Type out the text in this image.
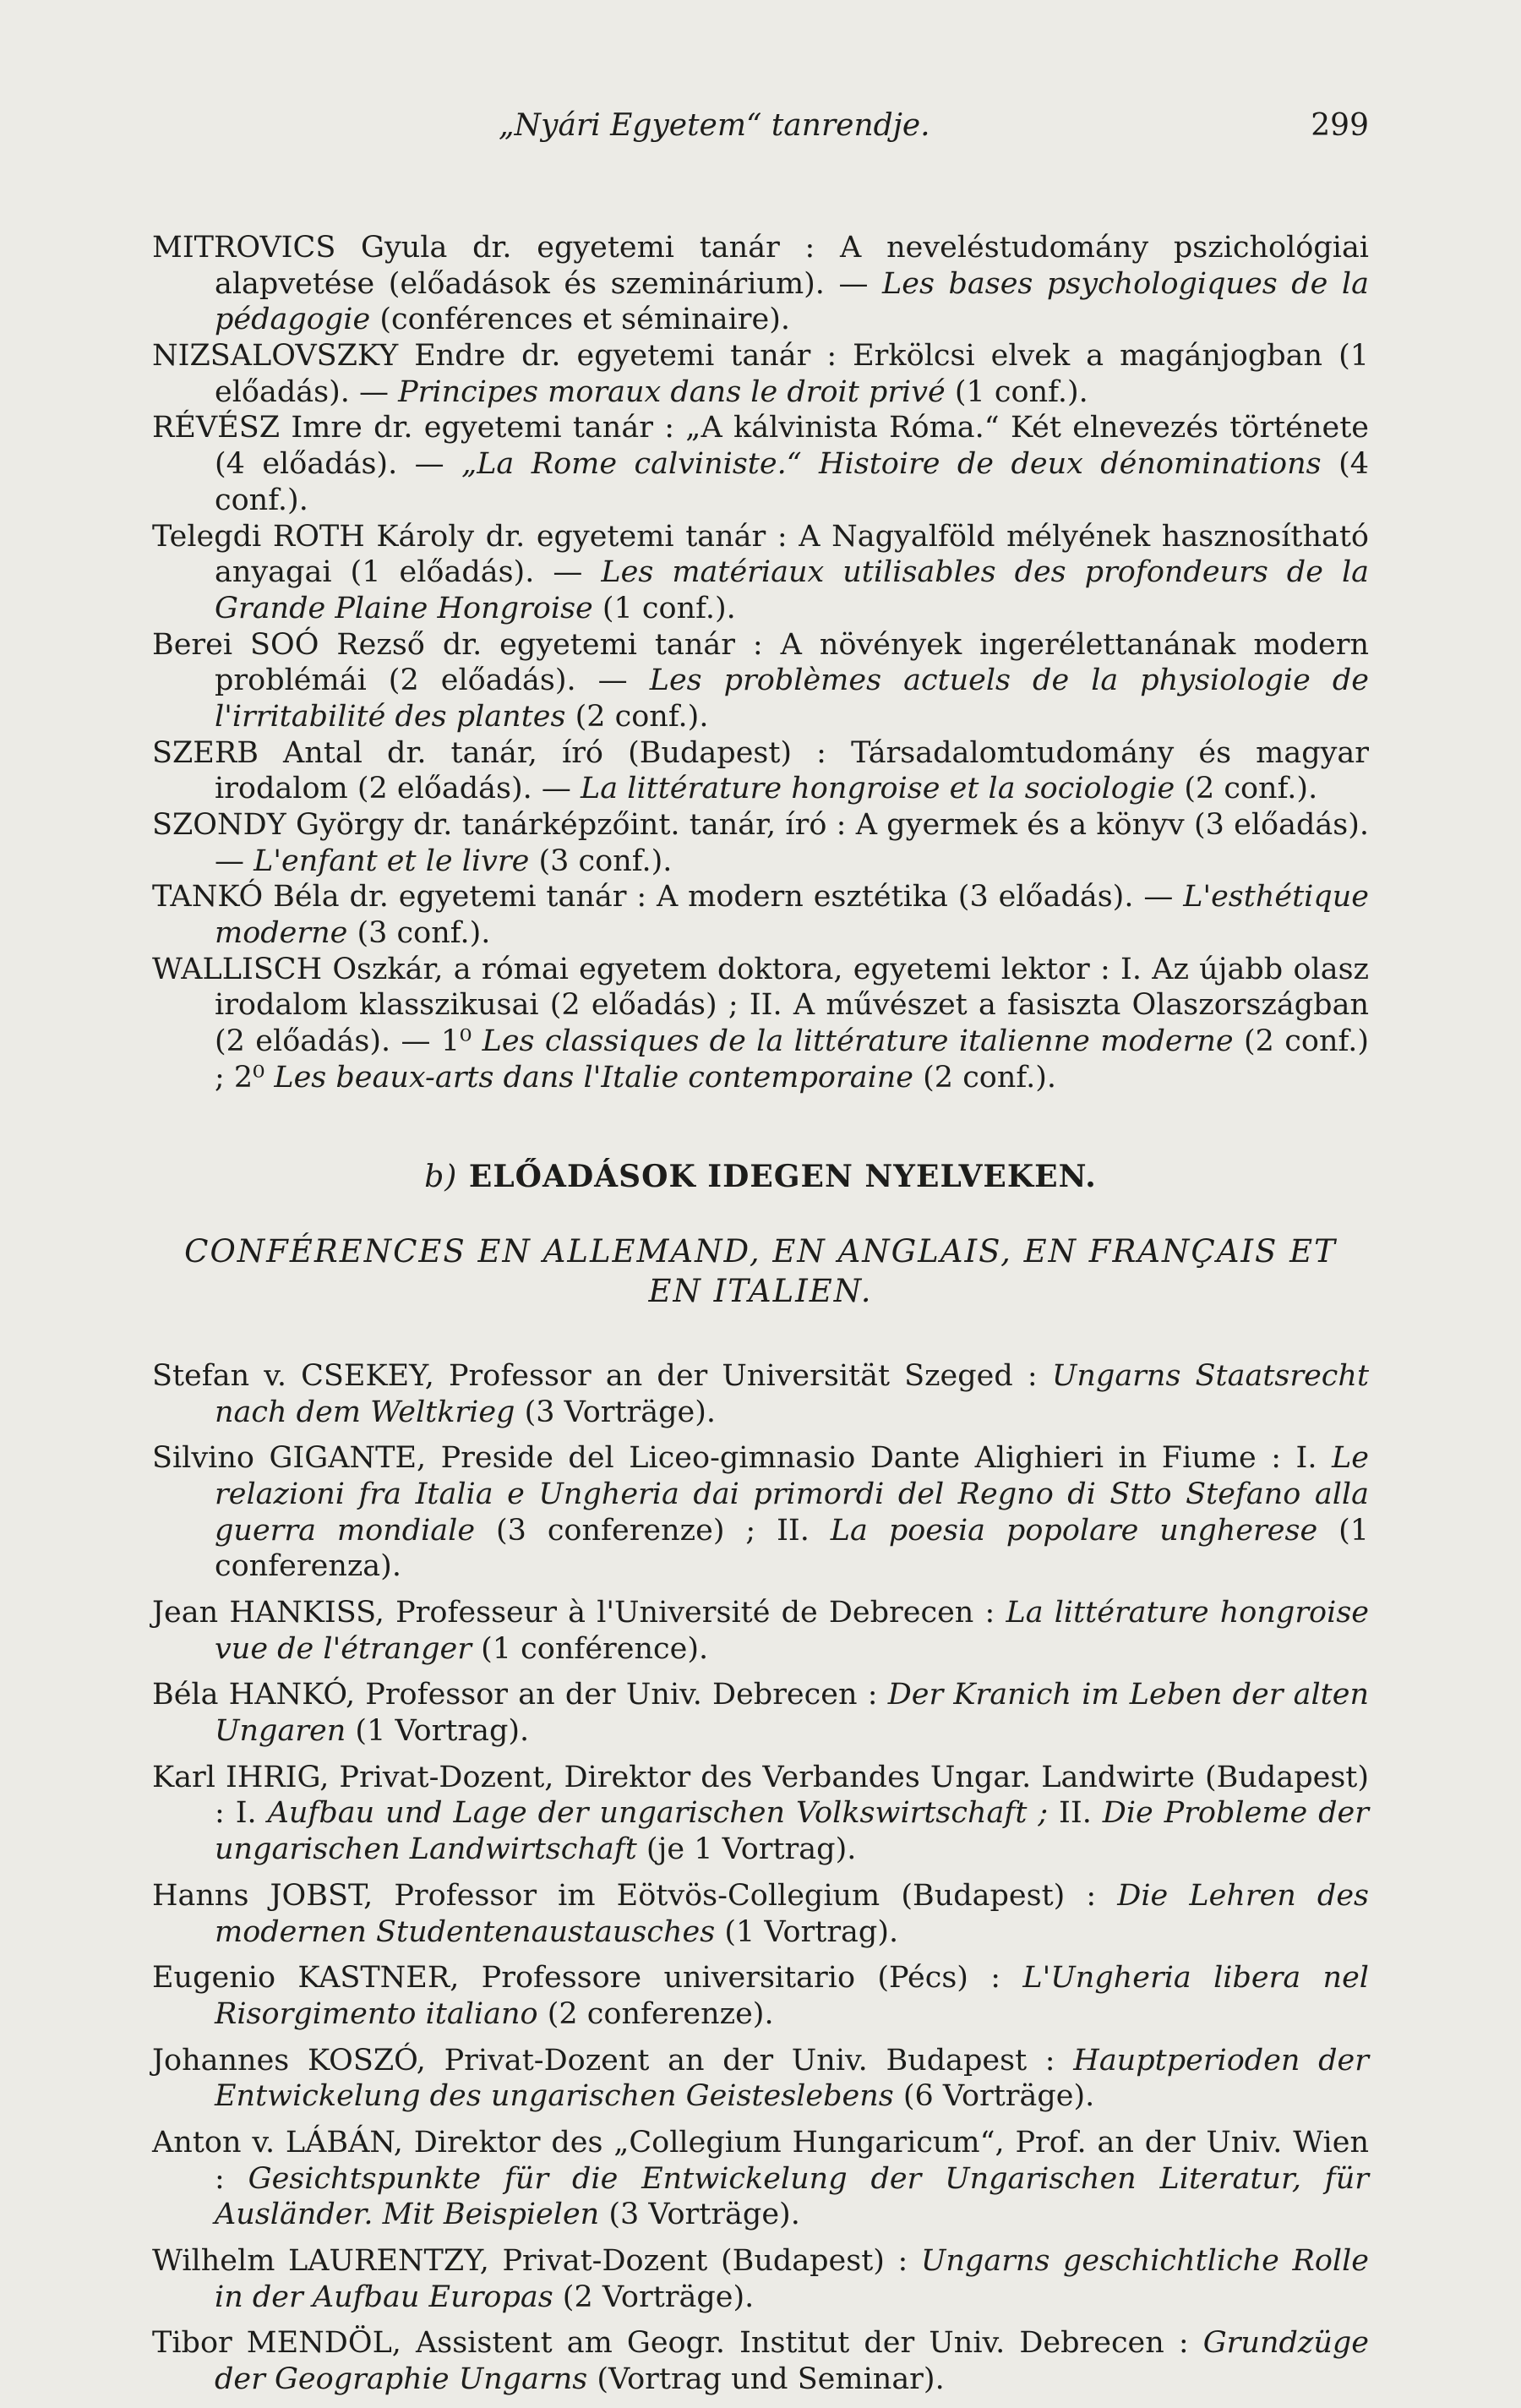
„Nyári Egyetem“ tanrendje.	299

MITROVICS Gyula dr. egyetemi tanár : A neveléstudomány pszichológiai alapvetése (előadások és szeminárium). — Les bases psychologiques de la pédagogie (conférences et séminaire).

NIZSALOVSZKY Endre dr. egyetemi tanár : Erkölcsi elvek a magánjogban (1 előadás). — Principes moraux dans le droit privé (1 conf.).

RÉVÉSZ Imre dr. egyetemi tanár : „A kálvinista Róma.“ Két elnevezés története (4 előadás). — „La Rome calviniste.“ Histoire de deux dénominations (4 conf.).

Telegdi ROTH Károly dr. egyetemi tanár : A Nagyalföld mélyének hasznosítható anyagai (1 előadás). — Les matériaux utilisables des profondeurs de la Grande Plaine Hongroise (1 conf.).

Berei SOÓ Rezső dr. egyetemi tanár : A növények ingerélettanának modern problémái (2 előadás). — Les problèmes actuels de la physiologie de l'irritabilité des plantes (2 conf.).

SZERB Antal dr. tanár, író (Budapest) : Társadalomtudomány és magyar irodalom (2 előadás). — La littérature hongroise et la sociologie (2 conf.).

SZONDY György dr. tanárképzőint. tanár, író : A gyermek és a könyv (3 előadás). — L'enfant et le livre (3 conf.).

TANKÓ Béla dr. egyetemi tanár : A modern esztétika (3 előadás). — L'esthétique moderne (3 conf.).

WALLISCH Oszkár, a római egyetem doktora, egyetemi lektor : I. Az újabb olasz irodalom klasszikusai (2 előadás) ; II. A művészet a fasiszta Olaszországban (2 előadás). — 1⁰ Les classiques de la littérature italienne moderne (2 conf.) ; 2⁰ Les beaux-arts dans l'Italie contemporaine (2 conf.).

b) ELŐADÁSOK IDEGEN NYELVEKEN.
CONFÉRENCES EN ALLEMAND, EN ANGLAIS, EN FRANÇAIS ET EN ITALIEN.

Stefan v. CSEKEY, Professor an der Universität Szeged : Ungarns Staatsrecht nach dem Weltkrieg (3 Vorträge).

Silvino GIGANTE, Preside del Liceo-gimnasio Dante Alighieri in Fiume : I. Le relazioni fra Italia e Ungheria dai primordi del Regno di Stto Stefano alla guerra mondiale (3 conferenze) ; II. La poesia popolare ungherese (1 conferenza).

Jean HANKISS, Professeur à l'Université de Debrecen : La littérature hongroise vue de l'étranger (1 conférence).

Béla HANKÓ, Professor an der Univ. Debrecen : Der Kranich im Leben der alten Ungaren (1 Vortrag).

Karl IHRIG, Privat-Dozent, Direktor des Verbandes Ungar. Landwirte (Budapest) : I. Aufbau und Lage der ungarischen Volkswirtschaft ; II. Die Probleme der ungarischen Landwirtschaft (je 1 Vortrag).

Hanns JOBST, Professor im Eötvös-Collegium (Budapest) : Die Lehren des modernen Studentenaustausches (1 Vortrag).

Eugenio KASTNER, Professore universitario (Pécs) : L'Ungheria libera nel Risorgimento italiano (2 conferenze).

Johannes KOSZÓ, Privat-Dozent an der Univ. Budapest : Hauptperioden der Entwickelung des ungarischen Geisteslebens (6 Vorträge).

Anton v. LÁBÁN, Direktor des „Collegium Hungaricum“, Prof. an der Univ. Wien : Gesichtspunkte für die Entwickelung der Ungarischen Literatur, für Ausländer. Mit Beispielen (3 Vorträge).

Wilhelm LAURENTZY, Privat-Dozent (Budapest) : Ungarns geschichtliche Rolle in der Aufbau Europas (2 Vorträge).

Tibor MENDÖL, Assistent am Geogr. Institut der Univ. Debrecen : Grundzüge der Geographie Ungarns (Vortrag und Seminar).
